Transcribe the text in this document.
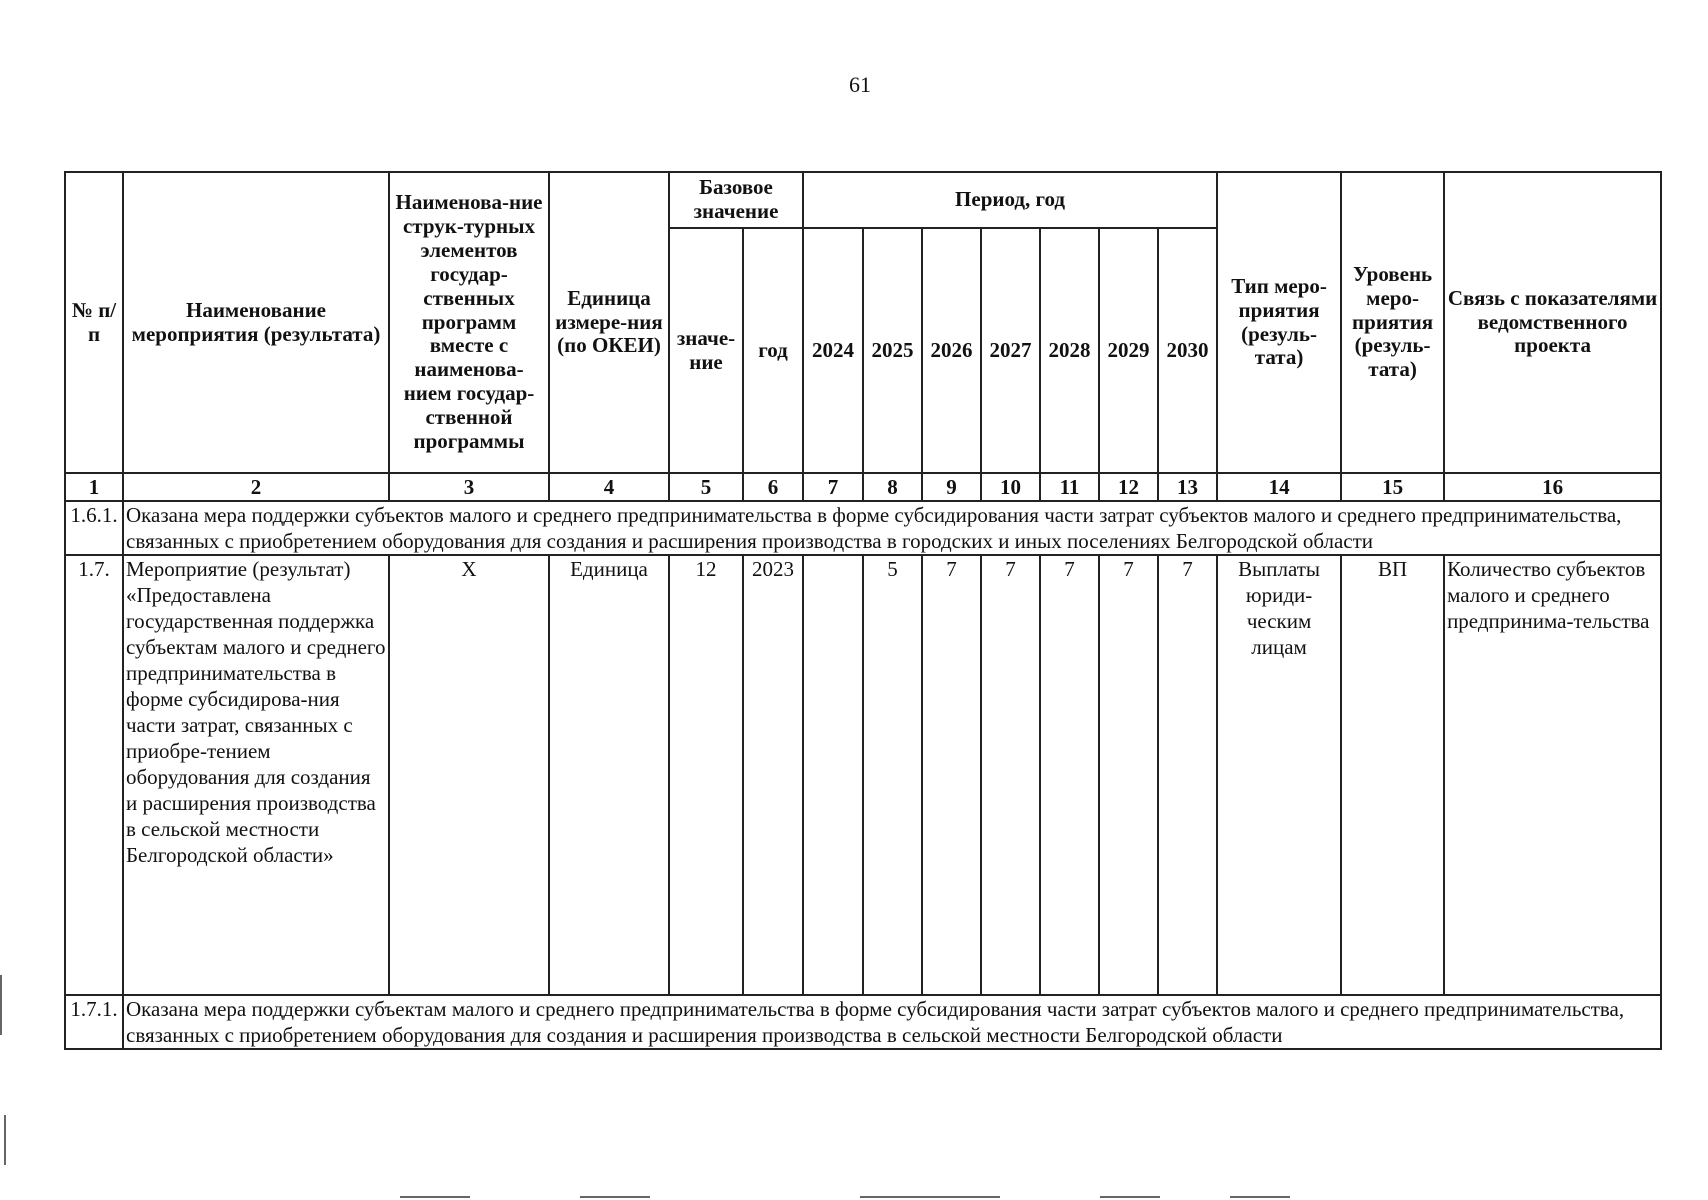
61
№ п/п	Наименование мероприятия (результата)	Наименова-ние струк-турных элементов государ-ственных программ вместе с наименова-нием государ-ственной программы	Единица измере-ния (по ОКЕИ)	Базовое значение		Период, год							Тип меро-приятия (резуль-тата)	Уровень меро-приятия (резуль-тата)	Связь с показателями ведомственного проекта
				значе-ние	год	2024	2025	2026	2027	2028	2029	2030			
1	2	3	4	5	6	7	8	9	10	11	12	13	14	15	16
1.6.1.	Оказана мера поддержки субъектов малого и среднего предпринимательства в форме субсидирования части затрат субъектов малого и среднего предпринимательства, связанных с приобретением оборудования для создания и расширения производства в городских и иных поселениях Белгородской области														
1.7.	Мероприятие (результат) «Предоставлена государственная поддержка субъектам малого и среднего предпринимательства в форме субсидирова-ния части затрат, связанных с приобре-тением оборудования для создания и расширения производства в сельской местности Белгородской области»	X	Единица	12	2023		5	7	7	7	7	7	Выплаты юриди-ческим лицам	ВП	Количество субъектов малого и среднего предпринима-тельства
1.7.1.	Оказана мера поддержки субъектам малого и среднего предпринимательства в форме субсидирования части затрат субъектов малого и среднего предпринимательства, связанных с приобретением оборудования для создания и расширения производства в сельской местности Белгородской области														
